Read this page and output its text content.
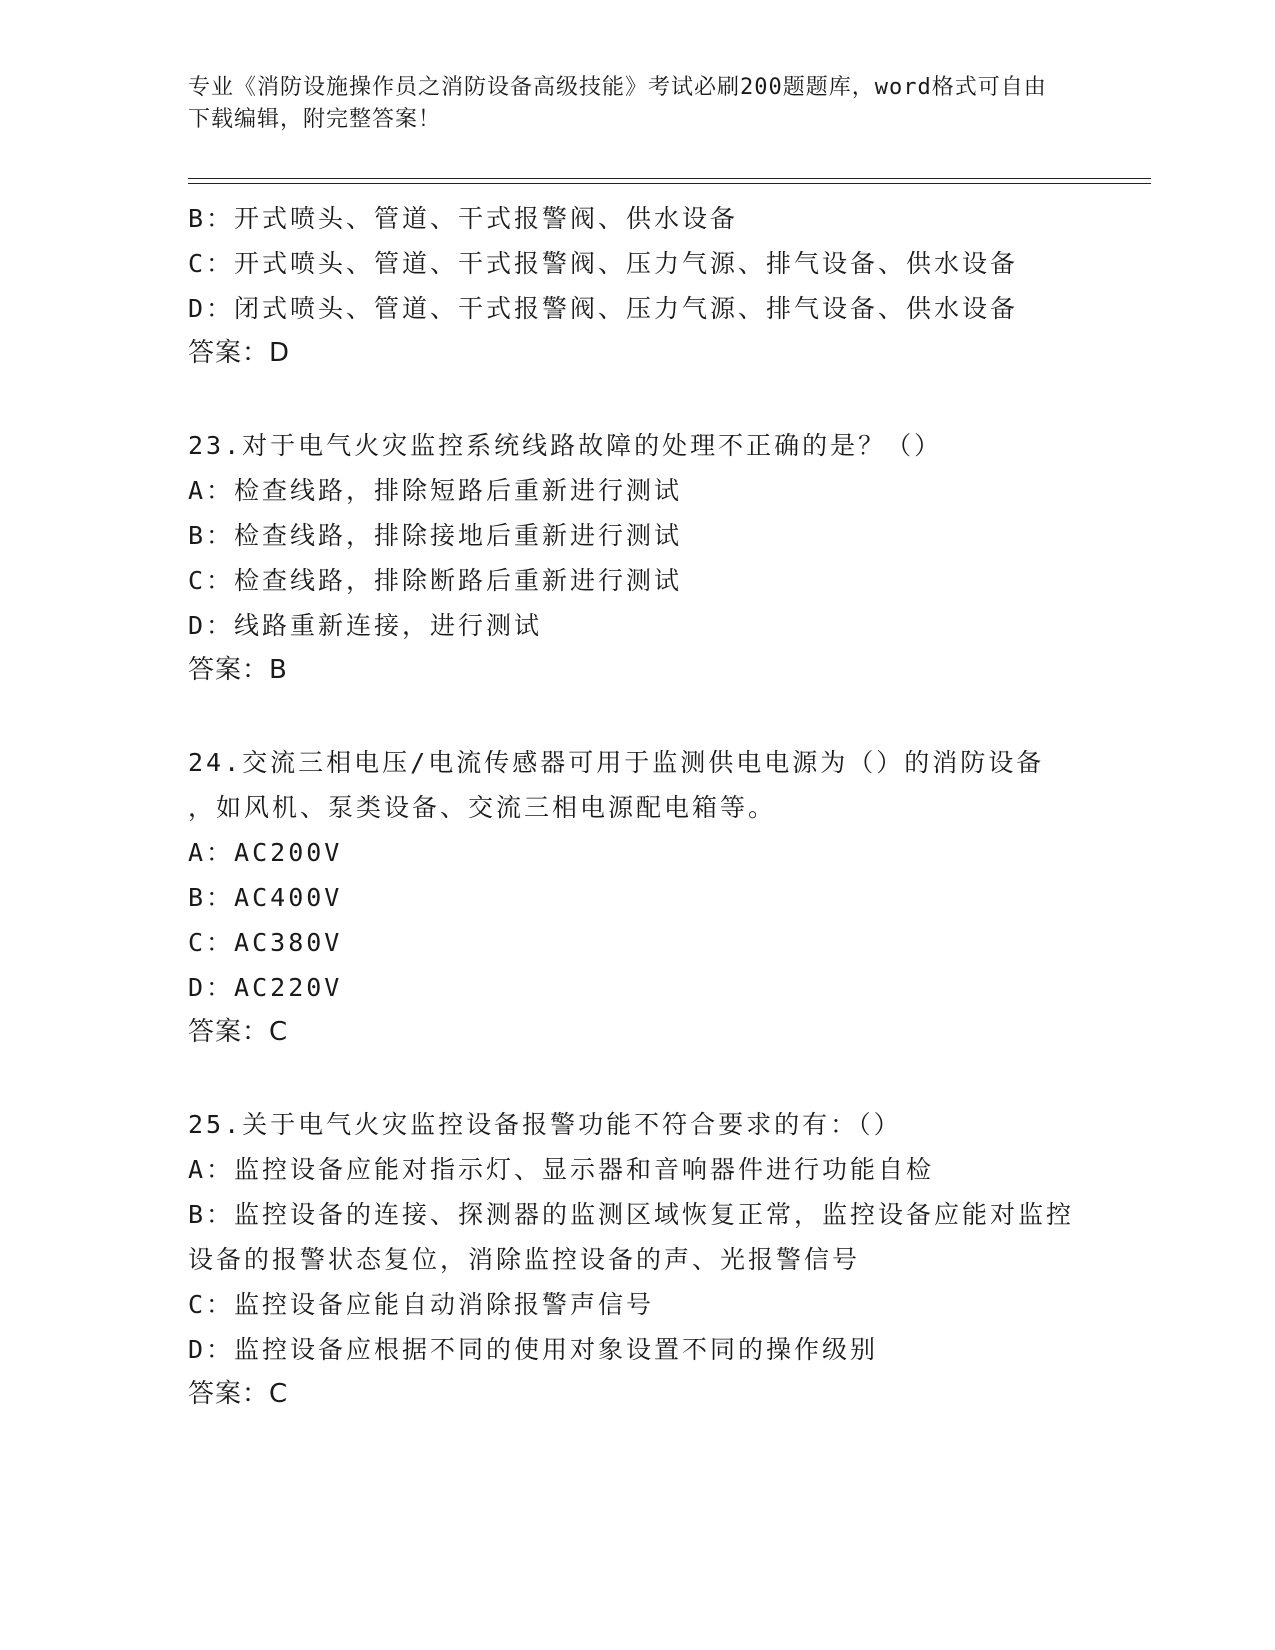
专业《消防设施操作员之消防设备高级技能》考试必刷200题题库，word格式可自由下载编辑，附完整答案！
B：开式喷头、管道、干式报警阀、供水设备
C：开式喷头、管道、干式报警阀、压力气源、排气设备、供水设备
D：闭式喷头、管道、干式报警阀、压力气源、排气设备、供水设备
答案：D
23.对于电气火灾监控系统线路故障的处理不正确的是？（）
A：检查线路，排除短路后重新进行测试
B：检查线路，排除接地后重新进行测试
C：检查线路，排除断路后重新进行测试
D：线路重新连接，进行测试
答案：B
24.交流三相电压/电流传感器可用于监测供电电源为（）的消防设备
，如风机、泵类设备、交流三相电源配电箱等。
A：AC200V
B：AC400V
C：AC380V
D：AC220V
答案：C
25.关于电气火灾监控设备报警功能不符合要求的有：（）
A：监控设备应能对指示灯、显示器和音响器件进行功能自检
B：监控设备的连接、探测器的监测区域恢复正常，监控设备应能对监控设备的报警状态复位，消除监控设备的声、光报警信号
C：监控设备应能自动消除报警声信号
D：监控设备应根据不同的使用对象设置不同的操作级别
答案：C
